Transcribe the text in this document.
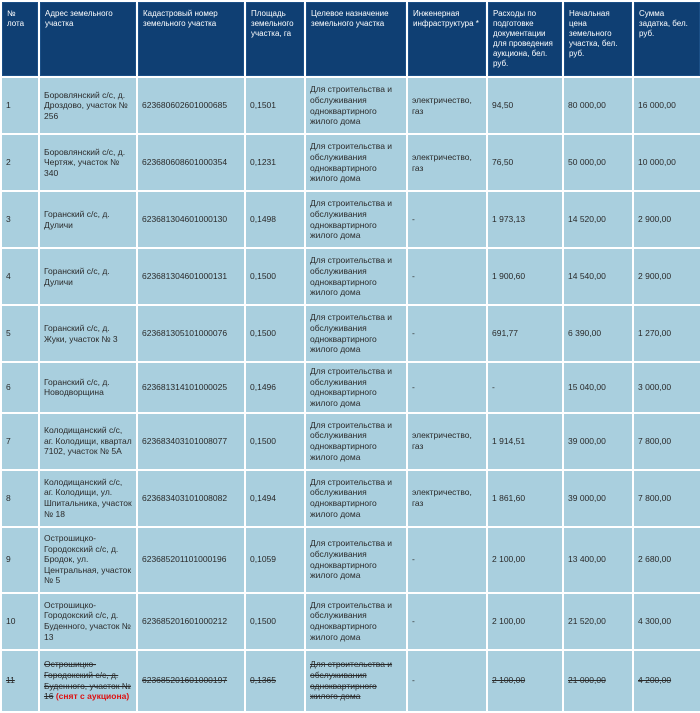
№ лота	Адрес земельного участка	Кадастровый номер земельного участка	Площадь земельного участка, га	Целевое назначение земельного участка	Инженерная инфраструктура *	Расходы по подготовке документации для проведения аукциона, бел. руб.	Начальная цена земельного участка, бел. руб.	Сумма задатка, бел. руб.
1	Боровлянский с/с, д. Дроздово, участок № 256	623680602601000685	0,1501	Для строительства и обслуживания одноквартирного жилого дома	электричество, газ	94,50	80 000,00	16 000,00
2	Боровлянский с/с, д. Чертяж, участок № 340	623680608601000354	0,1231	Для строительства и обслуживания одноквартирного жилого дома	электричество, газ	76,50	50 000,00	10 000,00
3	Горанский с/с, д. Дуличи	623681304601000130	0,1498	Для строительства и обслуживания одноквартирного жилого дома	-	1 973,13	14 520,00	2 900,00
4	Горанский с/с, д. Дуличи	623681304601000131	0,1500	Для строительства и обслуживания одноквартирного жилого дома	-	1 900,60	14 540,00	2 900,00
5	Горанский с/с, д. Жуки, участок № 3	623681305101000076	0,1500	Для строительства и обслуживания одноквартирного жилого дома	-	691,77	6 390,00	1 270,00
6	Горанский с/с, д. Новодворщина	623681314101000025	0,1496	Для строительства и обслуживания одноквартирного жилого дома	-	-	15 040,00	3 000,00
7	Колодищанский с/с, аг. Колодищи, квартал 7102, участок № 5А	623683403101008077	0,1500	Для строительства и обслуживания одноквартирного жилого дома	электричество, газ	1 914,51	39 000,00	7 800,00
8	Колодищанский с/с, аг. Колодищи, ул. Шпитальника, участок № 18	623683403101008082	0,1494	Для строительства и обслуживания одноквартирного жилого дома	электричество, газ	1 861,60	39 000,00	7 800,00
9	Острошицко-Городокский с/с, д. Бродок, ул. Центральная, участок № 5	623685201101000196	0,1059	Для строительства и обслуживания одноквартирного жилого дома	-	2 100,00	13 400,00	2 680,00
10	Острошицко-Городокский с/с, д. Буденного, участок № 13	623685201601000212	0,1500	Для строительства и обслуживания одноквартирного жилого дома	-	2 100,00	21 520,00	4 300,00
11	Острошицко-Городокский с/с, д. Буденного, участок № 16 (снят с аукциона)	623685201601000197	0,1365	Для строительства и обслуживания одноквартирного жилого дома	-	2 100,00	21 000,00	4 200,00
